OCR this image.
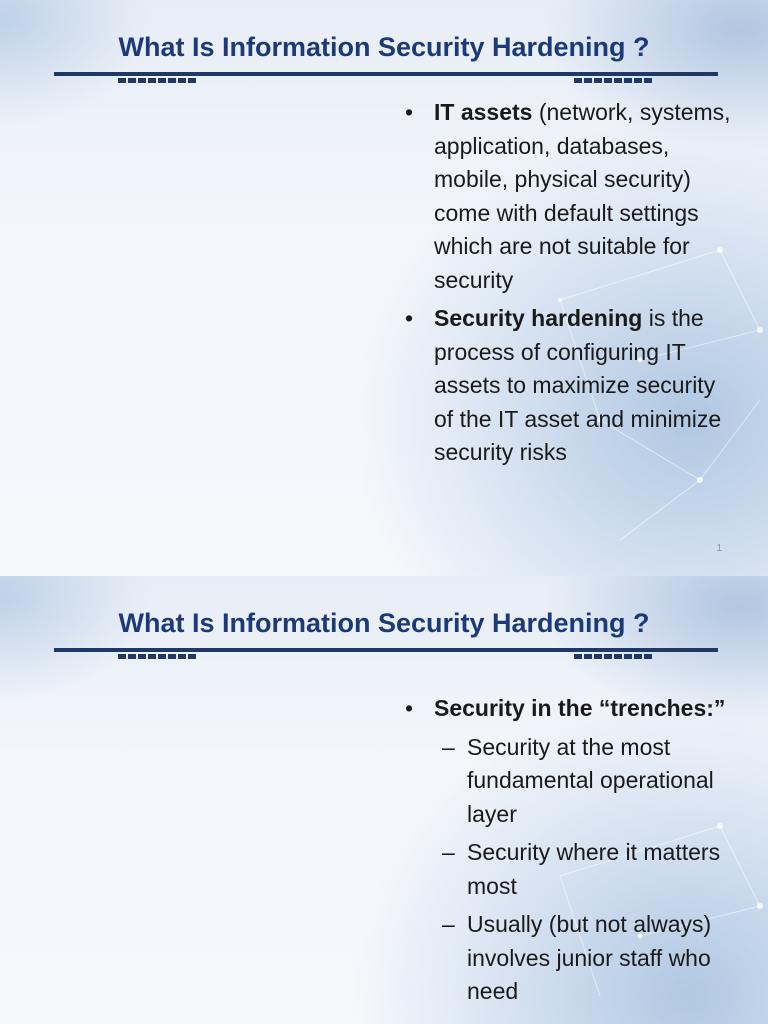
What Is Information Security Hardening ?
• IT assets (network, systems, application, databases, mobile, physical security) come with default settings which are not suitable for security
• Security hardening is the process of configuring IT assets to maximize security of the IT asset and minimize security risks
1
What Is Information Security Hardening ?
• Security in the “trenches:”
– Security at the most fundamental operational layer
– Security where it matters most
– Usually (but not always) involves junior staff who need
